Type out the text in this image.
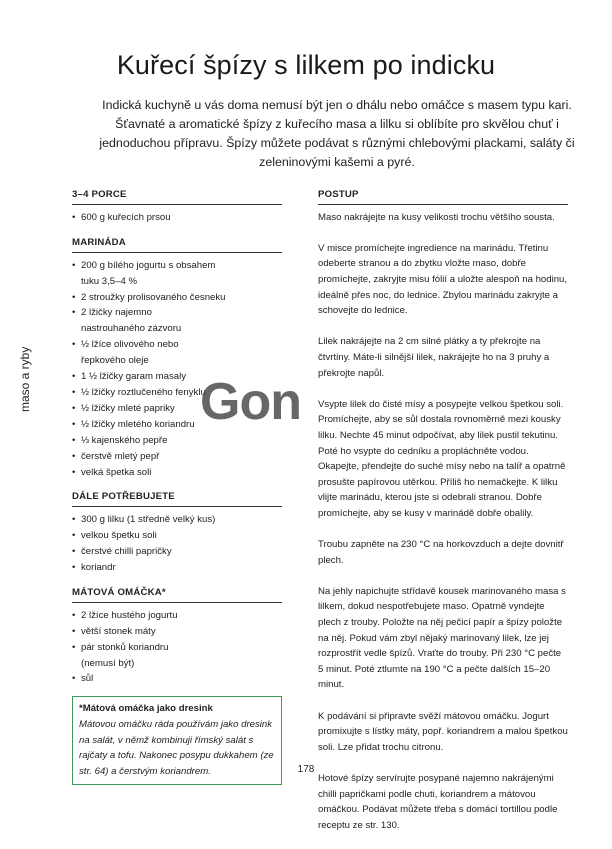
Kuřecí špízy s lilkem po indicku
Indická kuchyně u vás doma nemusí být jen o dhálu nebo omáčce s masem typu kari. Šťavnaté a aromatické špízy z kuřecího masa a lilku si oblíbíte pro skvělou chuť i jednoduchou přípravu. Špízy můžete podávat s různými chlebovými plackami, saláty či zeleninovými kašemi a pyré.
maso a ryby
3–4 PORCE
• 600 g kuřecích prsou
MARINÁDA
• 200 g bílého jogurtu s obsahem tuku 3,5–4 %
• 2 stroužky prolisovaného česneku
• 2 lžičky najemno nastrouhaného zázvoru
• ½ lžíce olivového nebo řepkového oleje
• 1 ½ lžičky garam masaly
• ½ lžičky roztlučeného fenyklu
• ½ lžičky mleté papriky
• ½ lžičky mletého koriandru
• ⅓ kajenského pepře
• čerstvě mletý pepř
• velká špetka soli
DÁLE POTŘEBUJETE
• 300 g lilku (1 středně velký kus)
• velkou špetku soli
• čerstvé chilli papričky
• koriandr
MÁTOVÁ OMÁČKA*
• 2 lžíce hustého jogurtu
• větší stonek máty
• pár stonků koriandru (nemusí být)
• sůl
*Mátová omáčka jako dresink
Mátovou omáčku ráda používám jako dresink na salát, v němž kombinuji římský salát s rajčaty a tofu. Nakonec posypu dukkahem (ze str. 64) a čerstvým koriandrem.
POSTUP

Maso nakrájejte na kusy velikosti trochu většího sousta.

V misce promíchejte ingredience na marinádu. Třetinu odeberte stranou a do zbytku vložte maso, dobře promíchejte, zakryjte misu fólií a uložte alespoň na hodinu, ideálně přes noc, do lednice. Zbylou marinádu zakryjte a schovejte do lednice.

Lilek nakrájejte na 2 cm silné plátky a ty překrojte na čtvrtiny. Máte-li silnější lilek, nakrájejte ho na 3 pruhy a překrojte napůl.

Vsypte lilek do čisté mísy a posypejte velkou špetkou soli. Promíchejte, aby se sůl dostala rovnoměrně mezi kousky lilku. Nechte 45 minut odpočívat, aby lilek pustil tekutinu. Poté ho vsypte do cedníku a propláchněte vodou. Okapejte, přendejte do suché mísy nebo na talíř a opatrně prosušte papírovou utěrkou. Příliš ho nemačkejte. K lilku vlijte marinádu, kterou jste si odebrali stranou. Dobře promíchejte, aby se kusy v marinádě dobře obalily.

Troubu zapněte na 230 °C na horkovzduch a dejte dovnitř plech.

Na jehly napichujte střídavě kousek marinovaného masa s lilkem, dokud nespotřebujete maso. Opatrně vyndejte plech z trouby. Položte na něj pečicí papír a špízy položte na něj. Pokud vám zbyl nějaký marinovaný lilek, lze jej rozprostřít vedle špízů. Vraťte do trouby. Při 230 °C pečte 5 minut. Poté ztlumte na 190 °C a pečte dalších 15–20 minut.

K podávání si připravte svěží mátovou omáčku. Jogurt promixujte s lístky máty, popř. koriandrem a malou špetkou soli. Lze přidat trochu citronu.

Hotové špízy servírujte posypané najemno nakrájenými chilli papričkami podle chuti, koriandrem a mátovou omáčkou. Podávat můžete třeba s domácí tortillou podle receptu ze str. 130.

Gon
178
